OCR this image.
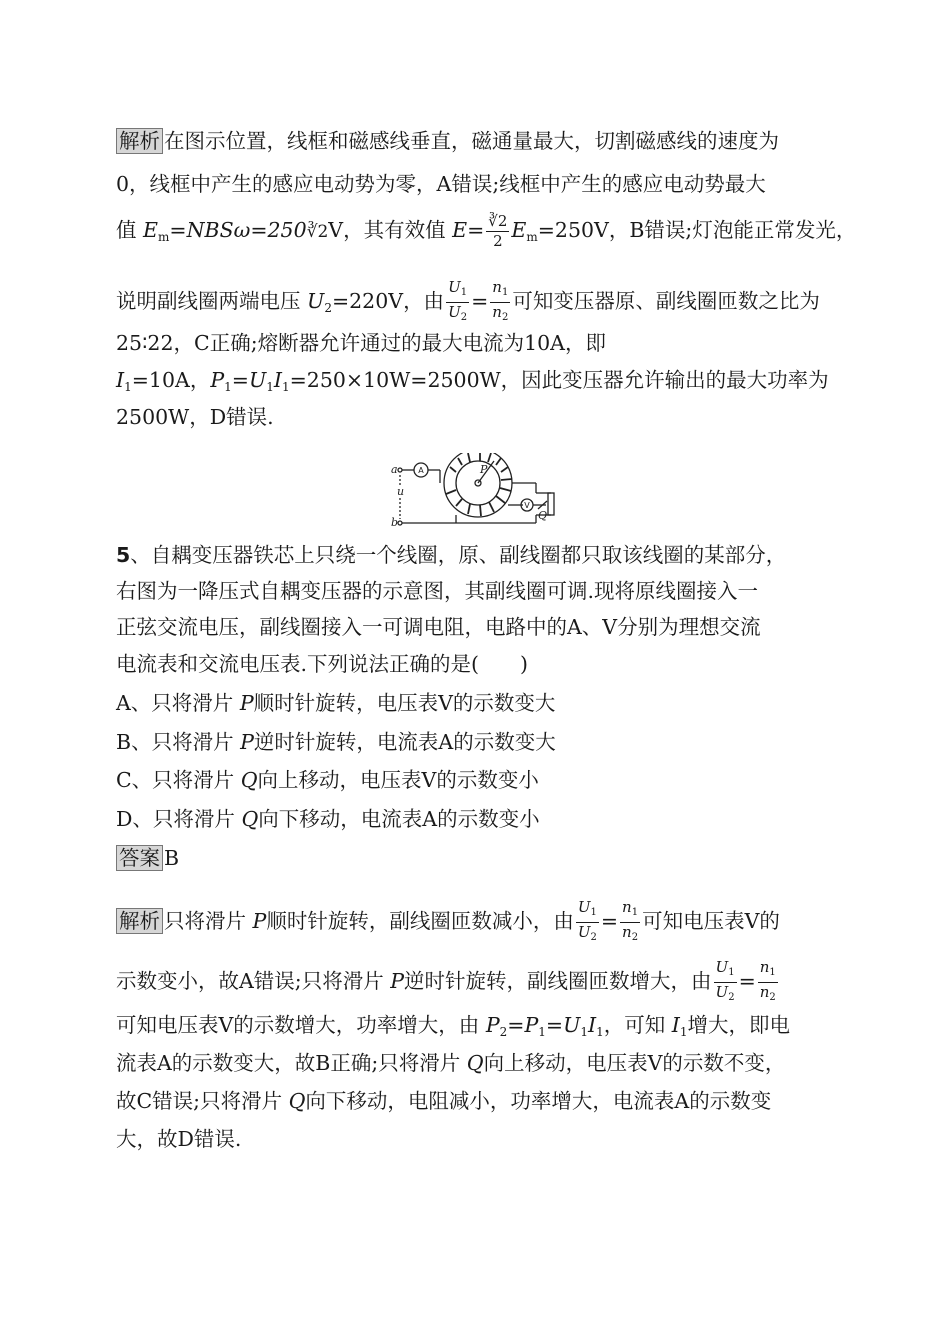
解析 在图示位置，线框和磁感线垂直，磁通量最大，切割磁感线的速度为
0，线框中产生的感应电动势为零，A错误;线框中产生的感应电动势最大
值 $E_m=NBS\omega=250∛2V$，其有效值 $E= \frac{∛2}{2} E_m=250V$，B错误;灯泡能正常发光，
说明副线圈两端电压 $U_2=220V$，由 $\frac{U_1}{U_2} = \frac{n_1}{n_2}$ 可知变压器原、副线圈匝数之比为
25∶22，C正确;熔断器允许通过的最大电流为10A，即
$I_1=10A$，$P_1=U_1I_1=250\times 10W=2500W$，因此变压器允许输出的最大功率为
2500W，D错误.
a
b
u
P
Q
A
V
5、自耦变压器铁芯上只绕一个线圈，原、副线圈都只取该线圈的某部分，
右图为一降压式自耦变压器的示意图，其副线圈可调.现将原线圈接入一
正弦交流电压，副线圈接入一可调电阻，电路中的A、V分别为理想交流
电流表和交流电压表.下列说法正确的是(　　)
A、只将滑片 P顺时针旋转，电压表V的示数变大
B、只将滑片 P逆时针旋转，电流表A的示数变大
C、只将滑片 Q向上移动，电压表V的示数变小
D、只将滑片 Q向下移动，电流表A的示数变小
答案 B
解析 只将滑片 P顺时针旋转，副线圈匝数减小，由 $\frac{U_1}{U_2} = \frac{n_1}{n_2}$ 可知电压表V的
示数变小，故A错误;只将滑片 P逆时针旋转，副线圈匝数增大，由 $\frac{U_1}{U_2} = \frac{n_1}{n_2}$
可知电压表V的示数增大，功率增大，由 $P_2=P_1=U_1I_1$，可知 $I_1$增大，即电
流表A的示数变大，故B正确;只将滑片 Q向上移动，电压表V的示数不变，
故C错误;只将滑片 Q向下移动，电阻减小，功率增大，电流表A的示数变
大，故D错误.
